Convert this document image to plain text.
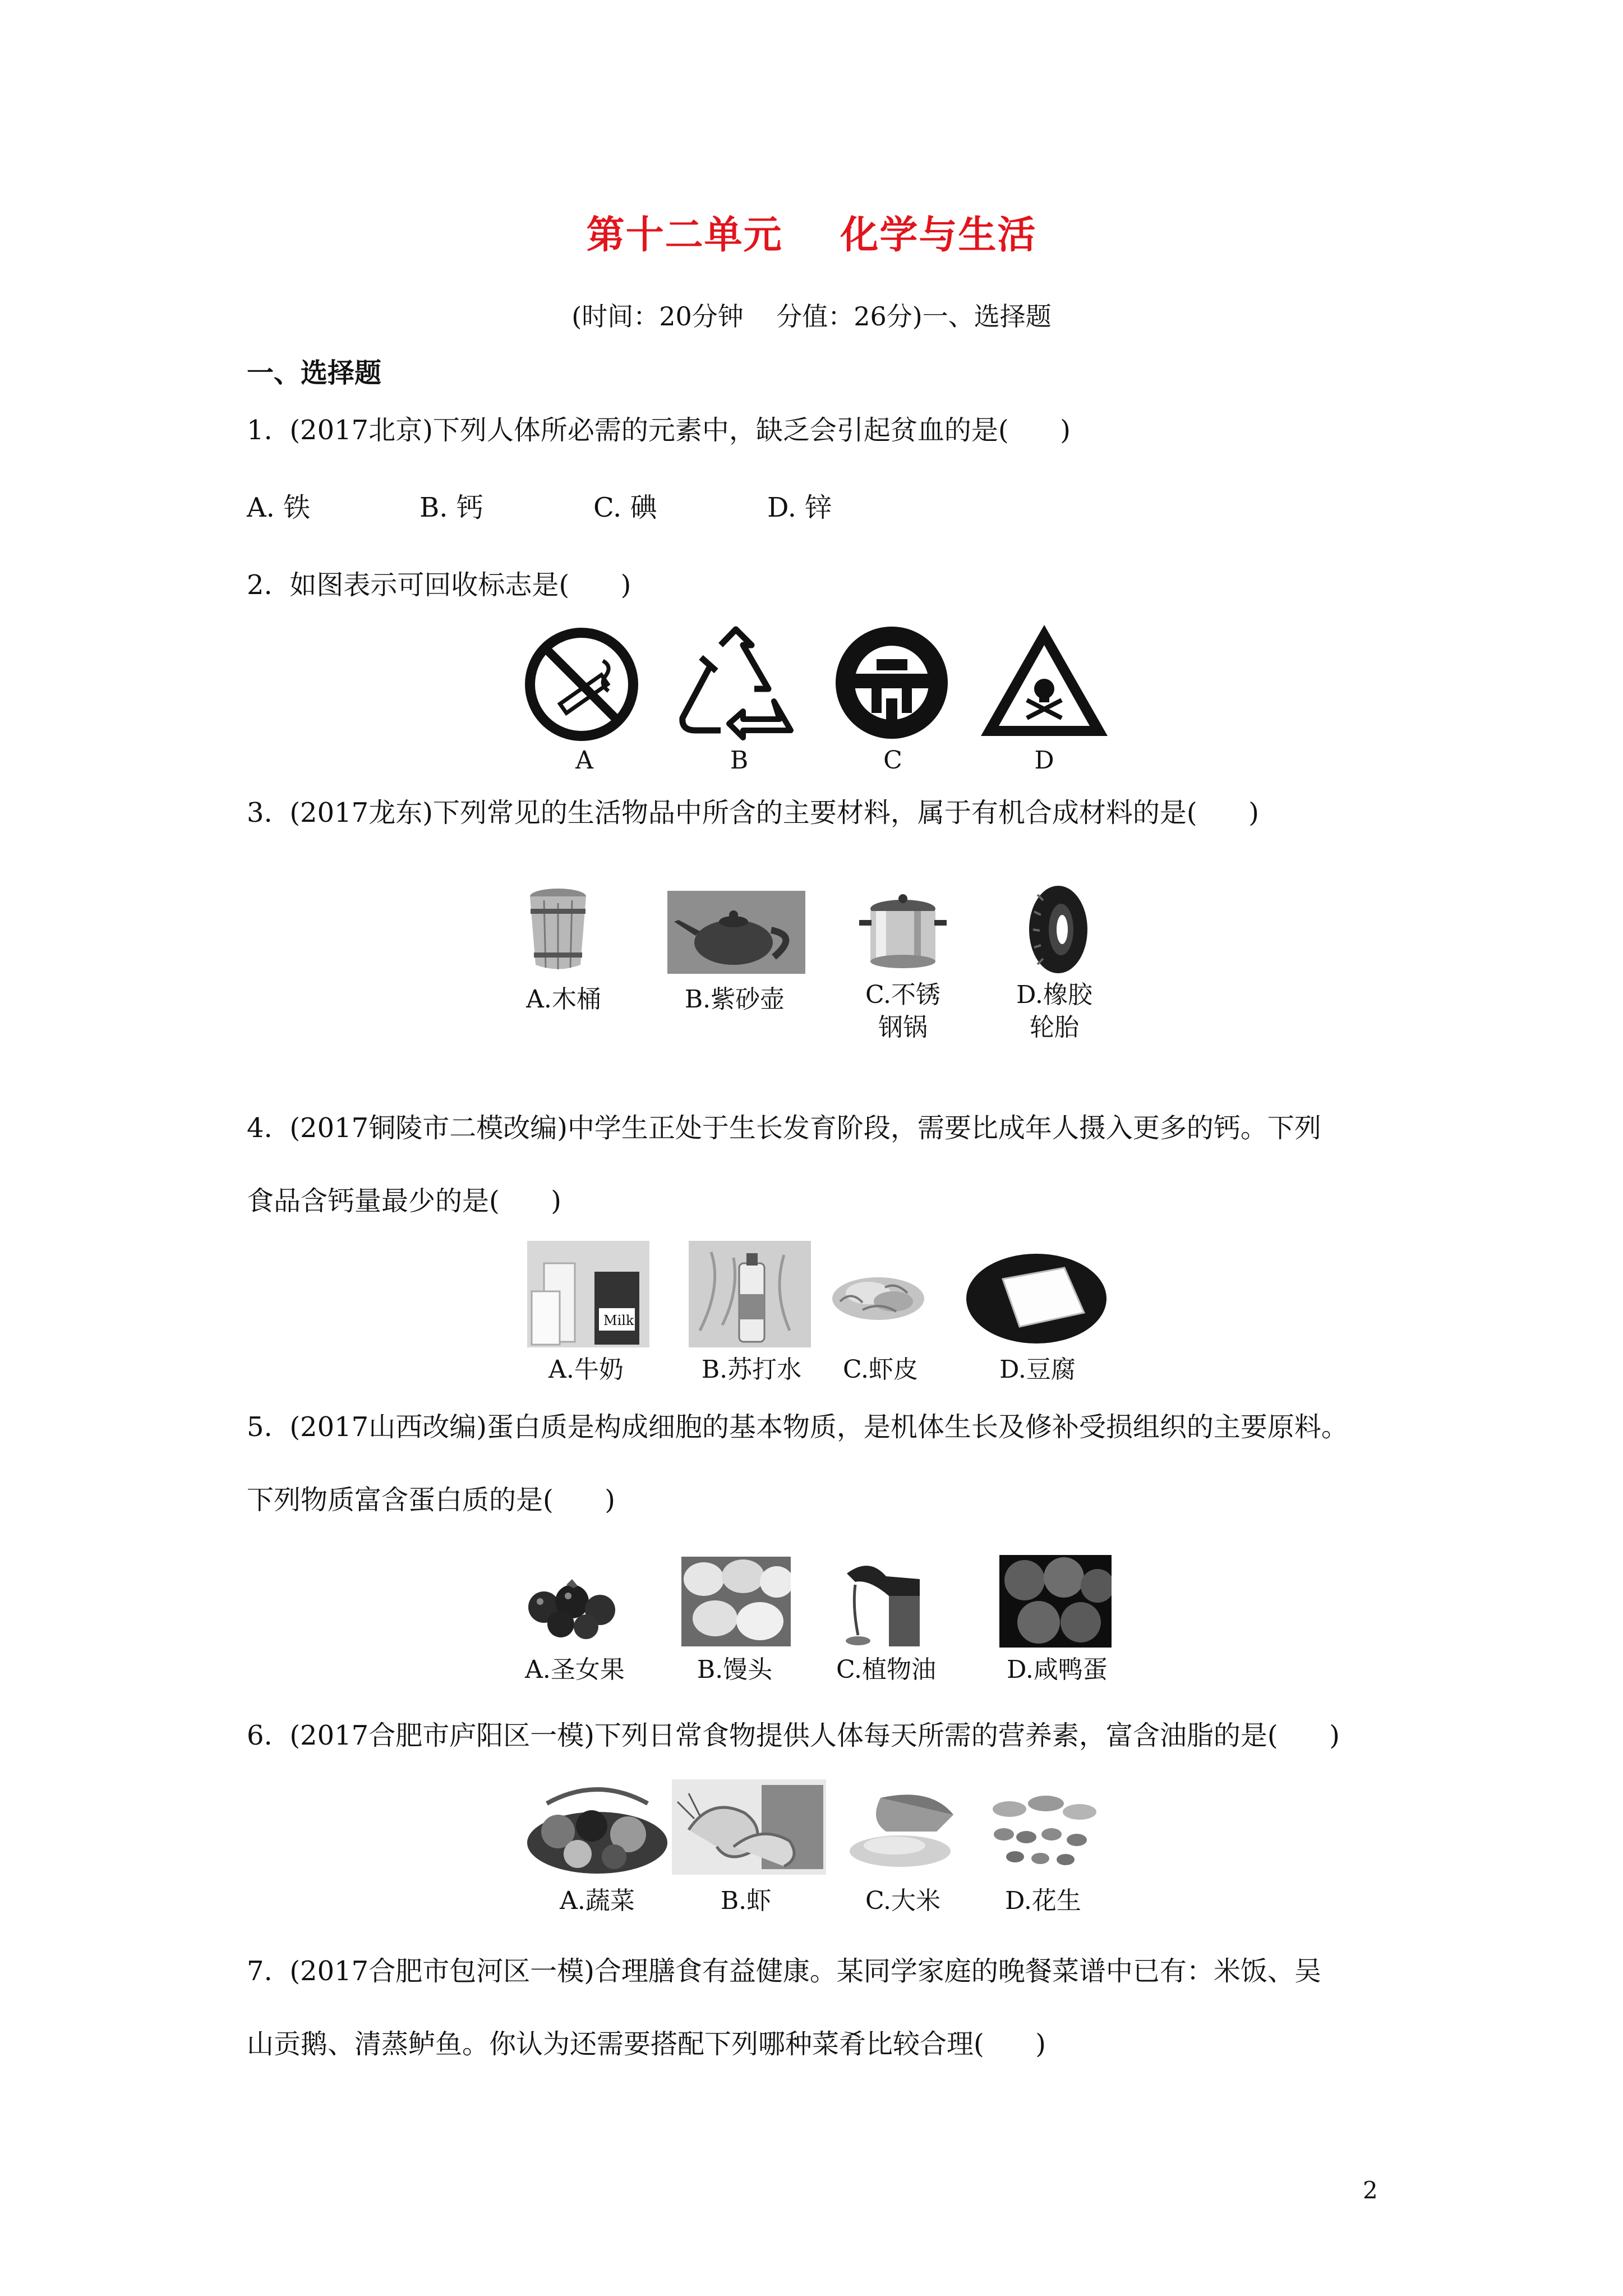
第十二单元    化学与生活
(时间：20分钟    分值：26分)一、选择题
一、选择题
1.  (2017北京)下列人体所必需的元素中，缺乏会引起贫血的是(      )
A. 铁	B. 钙	C. 碘	D. 锌
2.  如图表示可回收标志是(      )
A	B	C	D
3.  (2017龙东)下列常见的生活物品中所含的主要材料，属于有机合成材料的是(      )
A.木桶	B.紫砂壶	C.不锈
钢锅
D.橡胶
轮胎
4.  (2017铜陵市二模改编)中学生正处于生长发育阶段，需要比成年人摄入更多的钙。下列
食品含钙量最少的是(      )
Milk
A.牛奶	B.苏打水	C.虾皮	D.豆腐
5.  (2017山西改编)蛋白质是构成细胞的基本物质，是机体生长及修补受损组织的主要原料。
下列物质富含蛋白质的是(      )
A.圣女果	B.馒头	C.植物油	D.咸鸭蛋
6.  (2017合肥市庐阳区一模)下列日常食物提供人体每天所需的营养素，富含油脂的是(      )
A.蔬菜	B.虾	C.大米	D.花生
7.  (2017合肥市包河区一模)合理膳食有益健康。某同学家庭的晚餐菜谱中已有：米饭、吴
山贡鹅、清蒸鲈鱼。你认为还需要搭配下列哪种菜肴比较合理(      )
2
